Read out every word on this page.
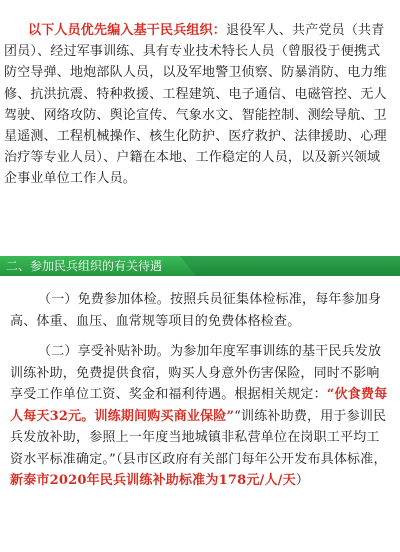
以下人员优先编入基干民兵组织：退役军人、共产党员（共青团员）、经过军事训练、具有专业技术特长人员（曾服役于便携式防空导弹、地炮部队人员，以及军地警卫侦察、防暴消防、电力维修、抗洪抗震、特种救援、工程建筑、电子通信、电磁管控、无人驾驶、网络攻防、舆论宣传、气象水文、智能控制、测绘导航、卫星遥测、工程机械操作、核生化防护、医疗救护、法律援助、心理治疗等专业人员）、户籍在本地、工作稳定的人员，以及新兴领域企事业单位工作人员。

二、参加民兵组织的有关待遇

（一）免费参加体检。按照兵员征集体检标准，每年参加身高、体重、血压、血常规等项目的免费体格检查。

（二）享受补贴补助。为参加年度军事训练的基干民兵发放训练补助，免费提供食宿，购买人身意外伤害保险，同时不影响享受工作单位工资、奖金和福利待遇。根据相关规定：“伙食费每人每天32元。训练期间购买商业保险”“训练补助费，用于参训民兵发放补助，参照上一年度当地城镇非私营单位在岗职工平均工资水平标准确定。”（县市区政府有关部门每年公开发布具体标准，新泰市2020年民兵训练补助标准为178元/人/天）
